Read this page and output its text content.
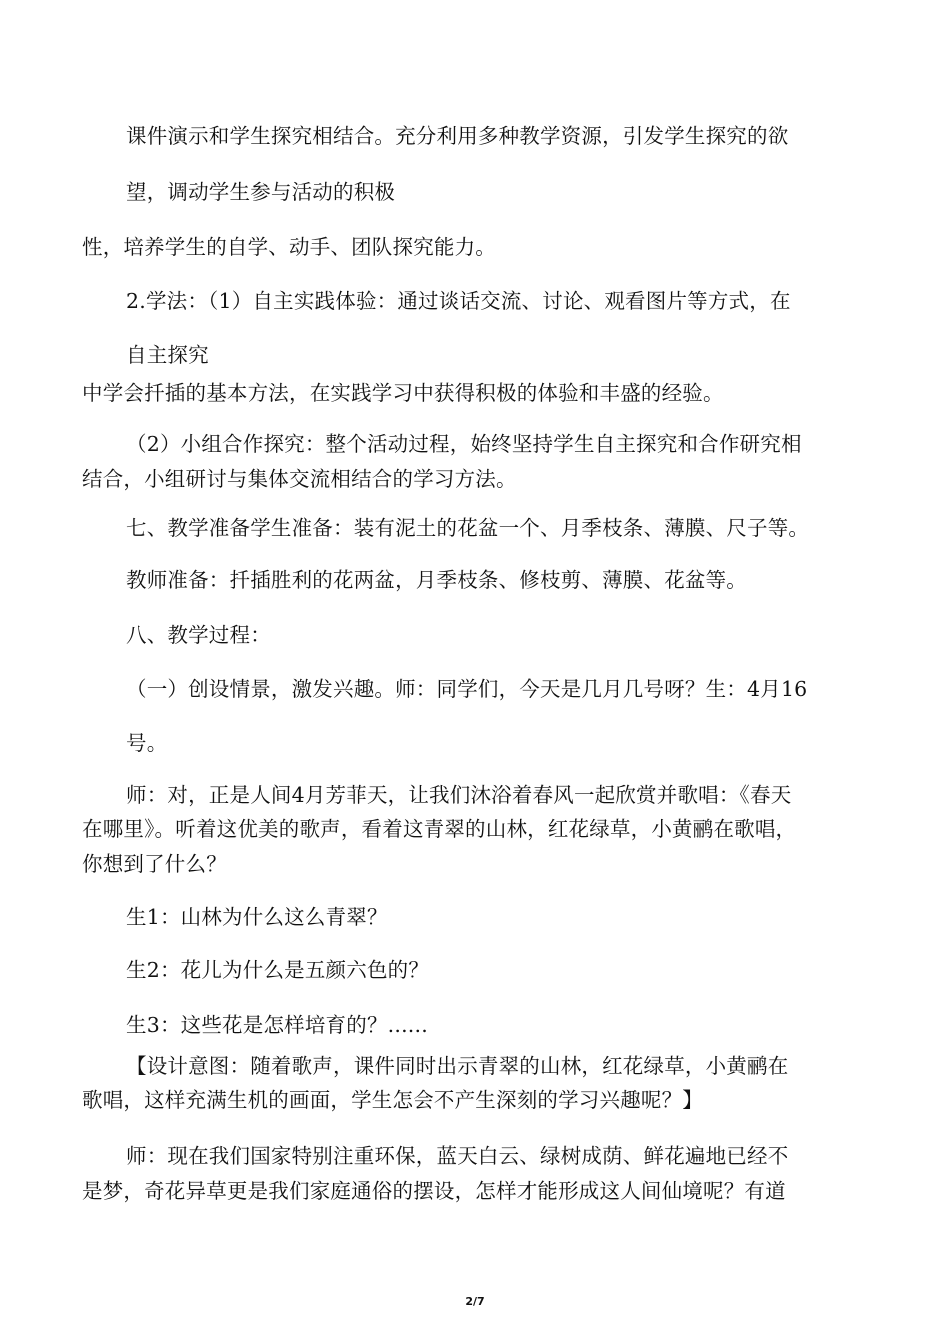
课件演示和学生探究相结合。充分利用多种教学资源，引发学生探究的欲
望，调动学生参与活动的积极
性，培养学生的自学、动手、团队探究能力。
2.学法：（1）自主实践体验：通过谈话交流、讨论、观看图片等方式，在
自主探究
中学会扦插的基本方法，在实践学习中获得积极的体验和丰盛的经验。
（2）小组合作探究：整个活动过程，始终坚持学生自主探究和合作研究相
结合，小组研讨与集体交流相结合的学习方法。
七、教学准备学生准备：装有泥土的花盆一个、月季枝条、薄膜、尺子等。
教师准备：扦插胜利的花两盆，月季枝条、修枝剪、薄膜、花盆等。
八、教学过程：
（一）创设情景，激发兴趣。师：同学们，今天是几月几号呀？生：4月16
号。
师：对，正是人间4月芳菲天，让我们沐浴着春风一起欣赏并歌唱：《春天
在哪里》。听着这优美的歌声，看着这青翠的山林，红花绿草，小黄鹂在歌唱，
你想到了什么？
生1：山林为什么这么青翠？
生2：花儿为什么是五颜六色的？
生3：这些花是怎样培育的？......
【设计意图：随着歌声，课件同时出示青翠的山林，红花绿草，小黄鹂在
歌唱，这样充满生机的画面，学生怎会不产生深刻的学习兴趣呢？】
师：现在我们国家特别注重环保，蓝天白云、绿树成荫、鲜花遍地已经不
是梦，奇花异草更是我们家庭通俗的摆设，怎样才能形成这人间仙境呢？有道
2/7
